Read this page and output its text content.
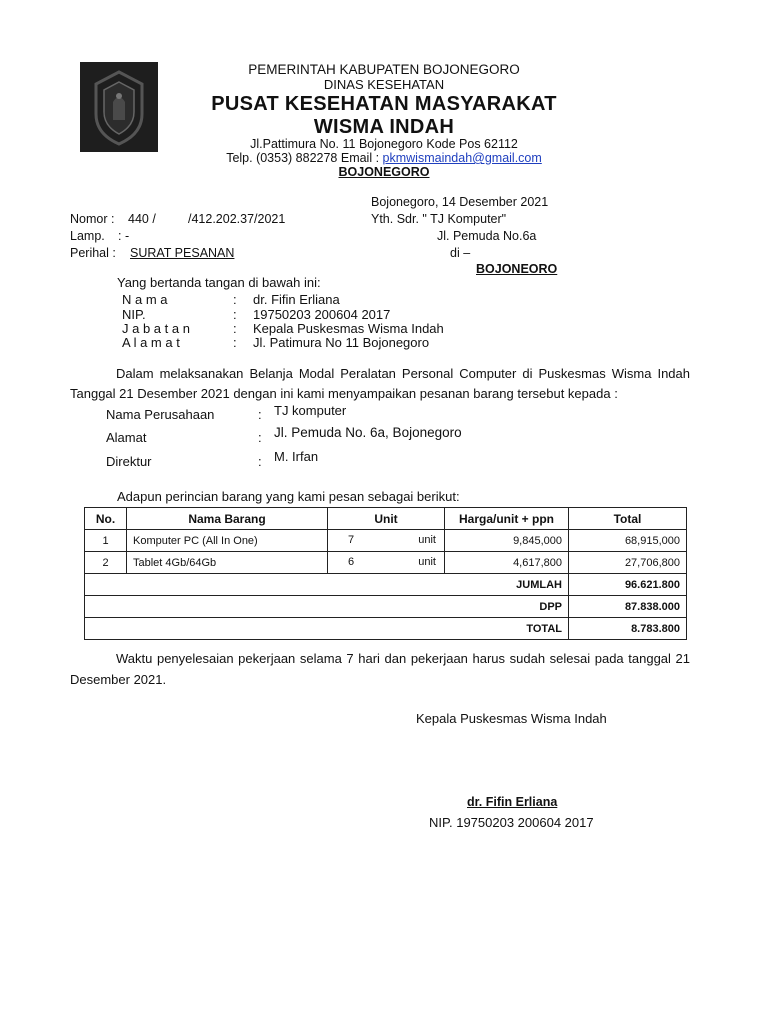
PEMERINTAH KABUPATEN BOJONEGORO
DINAS KESEHATAN
PUSAT KESEHATAN MASYARAKAT
WISMA INDAH
Jl.Pattimura No. 11 Bojonegoro Kode Pos 62112
Telp. (0353) 882278 Email : pkmwismaindah@gmail.com
BOJONEGORO
Bojonegoro, 14 Desember 2021
Nomor : 440 /	/412.202.37/2021	Yth. Sdr. " TJ Komputer"
Lamp. : -	Jl. Pemuda No.6a
Perihal : SURAT PESANAN	di –
BOJONEORO
Yang bertanda tangan di bawah ini:
N a m a	: dr. Fifin Erliana
NIP.	: 19750203 200604 2017
J a b a t a n	: Kepala Puskesmas Wisma Indah
A l a m a t	: Jl. Patimura No 11 Bojonegoro
Dalam melaksanakan Belanja Modal Peralatan Personal Computer di Puskesmas Wisma Indah Tanggal 21 Desember 2021 dengan ini kami menyampaikan pesanan barang tersebut kepada :
Nama Perusahaan	: TJ komputer
Alamat	: Jl. Pemuda No. 6a, Bojonegoro
Direktur	: M. Irfan
Adapun perincian barang yang kami pesan sebagai berikut:
No.	Nama Barang	Unit	Harga/unit + ppn	Total
1	Komputer PC (All In One)	7 unit	9,845,000	68,915,000
2	Tablet 4Gb/64Gb	6 unit	4,617,800	27,706,800
JUMLAH				96.621.800
DPP				87.838.000
TOTAL				8.783.800
Waktu penyelesaian pekerjaan selama 7 hari dan pekerjaan harus sudah selesai pada tanggal 21 Desember 2021.
Kepala Puskesmas Wisma Indah
dr. Fifin Erliana
NIP. 19750203 200604 2017
